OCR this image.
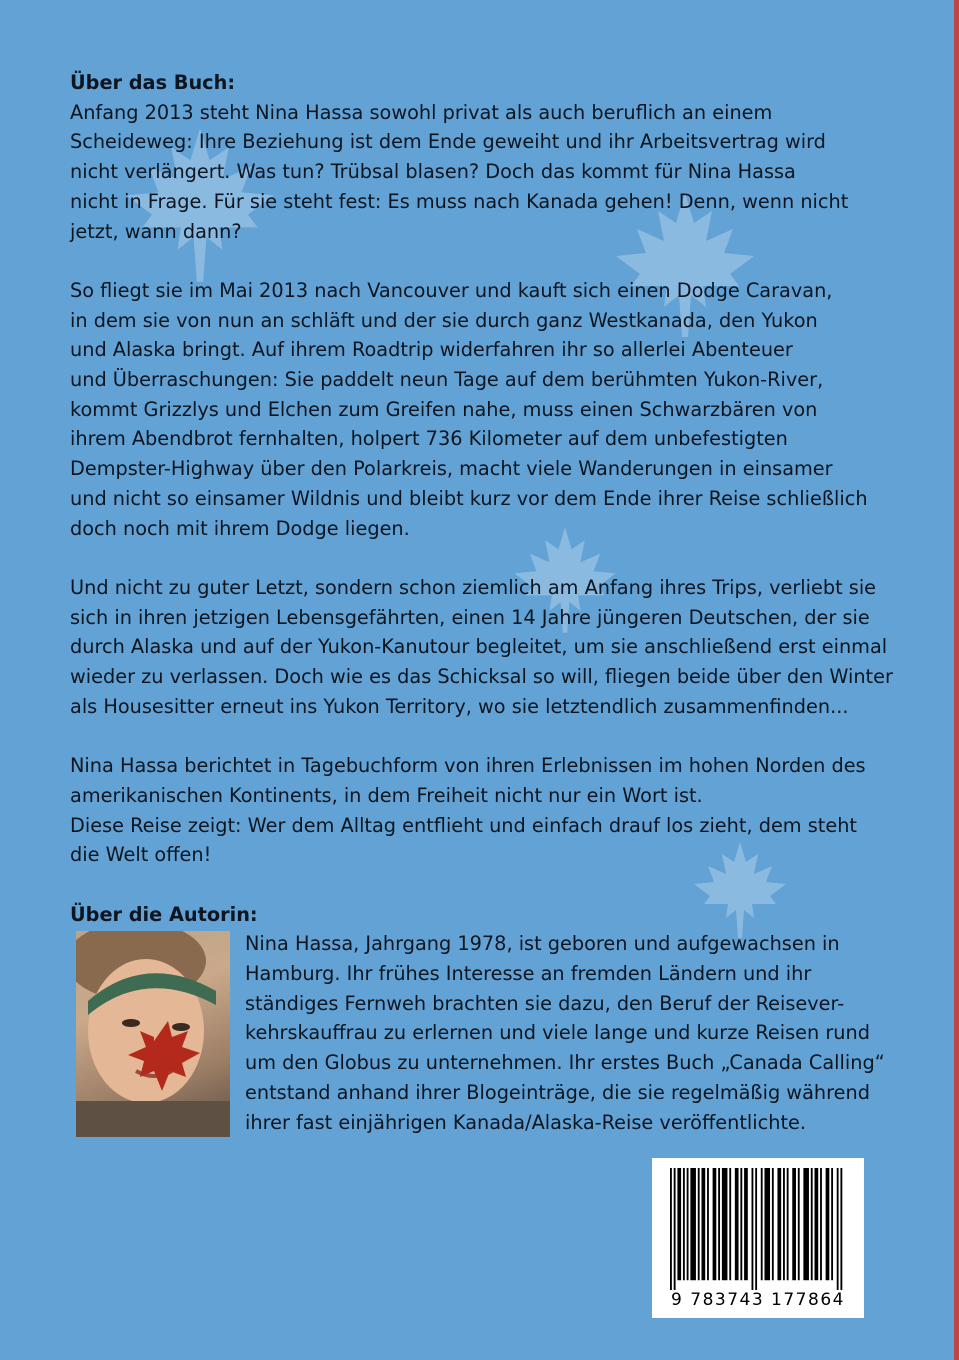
Über das Buch:

Anfang 2013 steht Nina Hassa sowohl privat als auch beruflich an einem
Scheideweg: Ihre Beziehung ist dem Ende geweiht und ihr Arbeitsvertrag wird
nicht verlängert. Was tun? Trübsal blasen? Doch das kommt für Nina Hassa
nicht in Frage. Für sie steht fest: Es muss nach Kanada gehen! Denn, wenn nicht
jetzt, wann dann?
So fliegt sie im Mai 2013 nach Vancouver und kauft sich einen Dodge Caravan,
in dem sie von nun an schläft und der sie durch ganz Westkanada, den Yukon
und Alaska bringt. Auf ihrem Roadtrip widerfahren ihr so allerlei Abenteuer
und Überraschungen: Sie paddelt neun Tage auf dem berühmten Yukon-River,
kommt Grizzlys und Elchen zum Greifen nahe, muss einen Schwarzbären von
ihrem Abendbrot fernhalten, holpert 736 Kilometer auf dem unbefestigten
Dempster-Highway über den Polarkreis, macht viele Wanderungen in einsamer
und nicht so einsamer Wildnis und bleibt kurz vor dem Ende ihrer Reise schließlich
doch noch mit ihrem Dodge liegen.
Und nicht zu guter Letzt, sondern schon ziemlich am Anfang ihres Trips, verliebt sie
sich in ihren jetzigen Lebensgefährten, einen 14 Jahre jüngeren Deutschen, der sie
durch Alaska und auf der Yukon-Kanutour begleitet, um sie anschließend erst einmal
wieder zu verlassen. Doch wie es das Schicksal so will, fliegen beide über den Winter
als Housesitter erneut ins Yukon Territory, wo sie letztendlich zusammenfinden...
Nina Hassa berichtet in Tagebuchform von ihren Erlebnissen im hohen Norden des
amerikanischen Kontinents, in dem Freiheit nicht nur ein Wort ist.
Diese Reise zeigt: Wer dem Alltag entflieht und einfach drauf los zieht, dem steht
die Welt offen!

Über die Autorin:

Nina Hassa, Jahrgang 1978, ist geboren und aufgewachsen in
Hamburg. Ihr frühes Interesse an fremden Ländern und ihr
ständiges Fernweh brachten sie dazu, den Beruf der Reisever-
kehrskauffrau zu erlernen und viele lange und kurze Reisen rund
um den Globus zu unternehmen. Ihr erstes Buch „Canada Calling“
entstand anhand ihrer Blogeinträge, die sie regelmäßig während
ihrer fast einjährigen Kanada/Alaska-Reise veröffentlichte.
9 783743 177864
